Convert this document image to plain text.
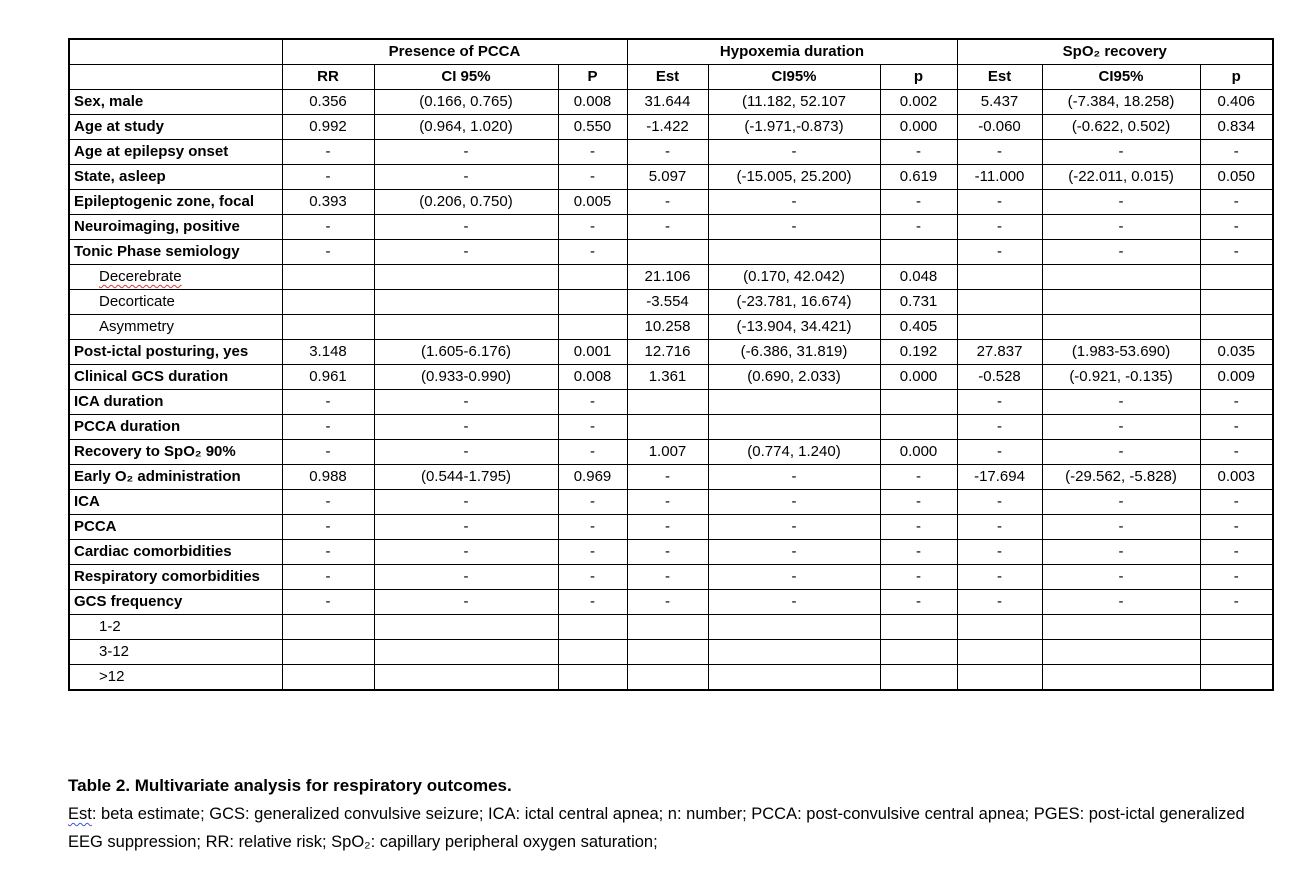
	Presence of PCCA			Hypoxemia duration			SpO₂ recovery		
	RR	CI 95%	P	Est	CI95%	p	Est	CI95%	p
Sex, male	0.356	(0.166, 0.765)	0.008	31.644	(11.182, 52.107	0.002	5.437	(-7.384, 18.258)	0.406
Age at study	0.992	(0.964, 1.020)	0.550	-1.422	(-1.971,-0.873)	0.000	-0.060	(-0.622, 0.502)	0.834
Age at epilepsy onset	-	-	-	-	-	-	-	-	-
State, asleep	-	-	-	5.097	(-15.005, 25.200)	0.619	-11.000	(-22.011, 0.015)	0.050
Epileptogenic zone, focal	0.393	(0.206, 0.750)	0.005	-	-	-	-	-	-
Neuroimaging, positive	-	-	-	-	-	-	-	-	-
Tonic Phase semiology	-	-	-				-	-	-
Decerebrate				21.106	(0.170, 42.042)	0.048			
Decorticate				-3.554	(-23.781, 16.674)	0.731			
Asymmetry				10.258	(-13.904, 34.421)	0.405			
Post-ictal posturing, yes	3.148	(1.605-6.176)	0.001	12.716	(-6.386, 31.819)	0.192	27.837	(1.983-53.690)	0.035
Clinical GCS duration	0.961	(0.933-0.990)	0.008	1.361	(0.690, 2.033)	0.000	-0.528	(-0.921, -0.135)	0.009
ICA duration	-	-	-				-	-	-
PCCA duration	-	-	-				-	-	-
Recovery to SpO₂ 90%	-	-	-	1.007	(0.774, 1.240)	0.000	-	-	-
Early O₂ administration	0.988	(0.544-1.795)	0.969	-	-	-	-17.694	(-29.562, -5.828)	0.003
ICA	-	-	-	-	-	-	-	-	-
PCCA	-	-	-	-	-	-	-	-	-
Cardiac comorbidities	-	-	-	-	-	-	-	-	-
Respiratory comorbidities	-	-	-	-	-	-	-	-	-
GCS frequency	-	-	-	-	-	-	-	-	-
1-2									
3-12									
>12									

Table 2. Multivariate analysis for respiratory outcomes.

Est: beta estimate; GCS: generalized convulsive seizure; ICA: ictal central apnea; n: number; PCCA: post-convulsive central apnea; PGES: post-ictal generalized EEG suppression; RR: relative risk; SpO₂: capillary peripheral oxygen saturation;
